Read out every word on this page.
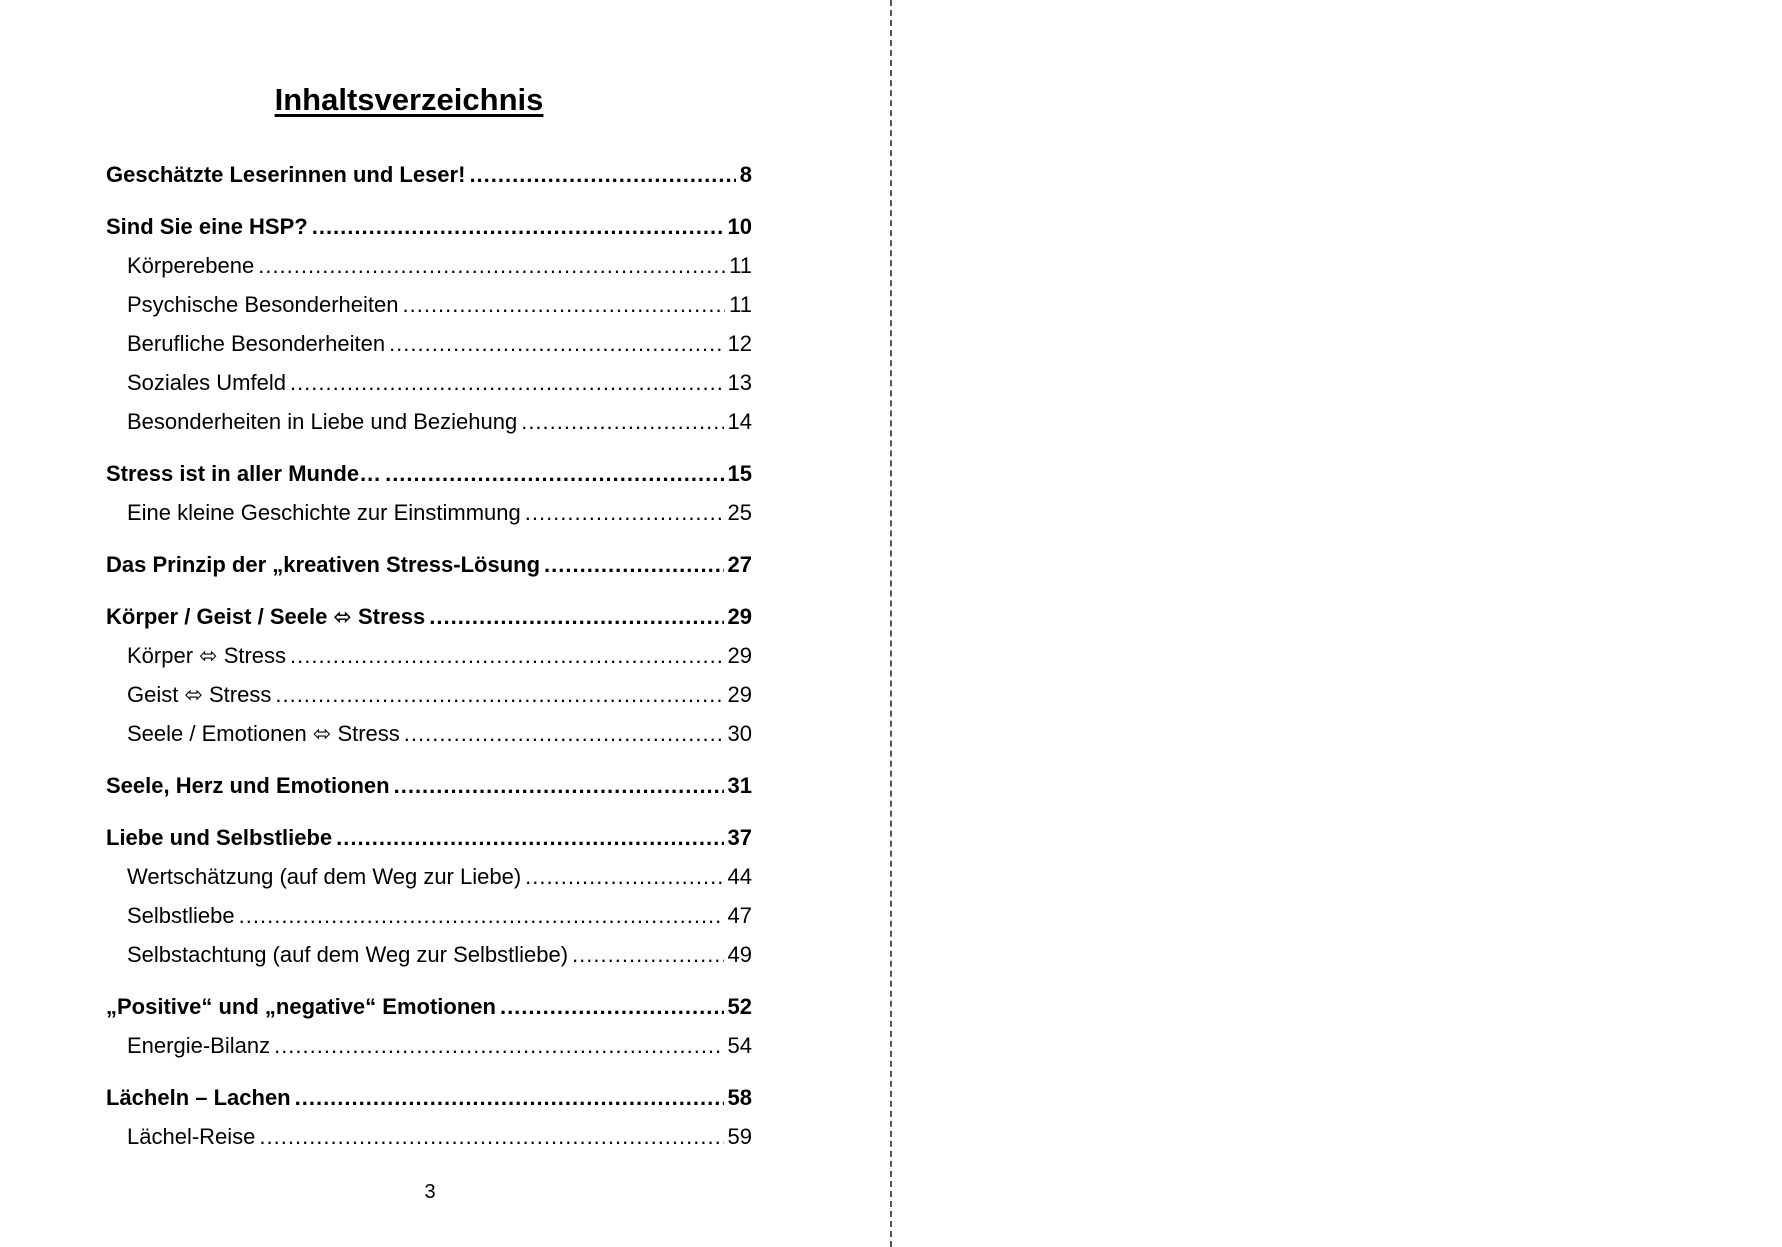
Inhaltsverzeichnis
Geschätzte Leserinnen und Leser! .....	8
Sind Sie eine HSP? .....	10
Körperebene .....	11
Psychische Besonderheiten .....	11
Berufliche Besonderheiten .....	12
Soziales Umfeld .....	13
Besonderheiten in Liebe und Beziehung .....	14
Stress ist in aller Munde… .....	15
Eine kleine Geschichte zur Einstimmung .....	25
Das Prinzip der „kreativen Stress-Lösung .....	27
Körper / Geist / Seele ⬄ Stress .....	29
Körper ⬄ Stress .....	29
Geist ⬄ Stress .....	29
Seele / Emotionen ⬄ Stress .....	30
Seele, Herz und Emotionen .....	31
Liebe und Selbstliebe .....	37
Wertschätzung (auf dem Weg zur Liebe) .....	44
Selbstliebe .....	47
Selbstachtung (auf dem Weg zur Selbstliebe) .....	49
„Positive“ und „negative“ Emotionen .....	52
Energie-Bilanz .....	54
Lächeln – Lachen .....	58
Lächel-Reise .....	59
3
